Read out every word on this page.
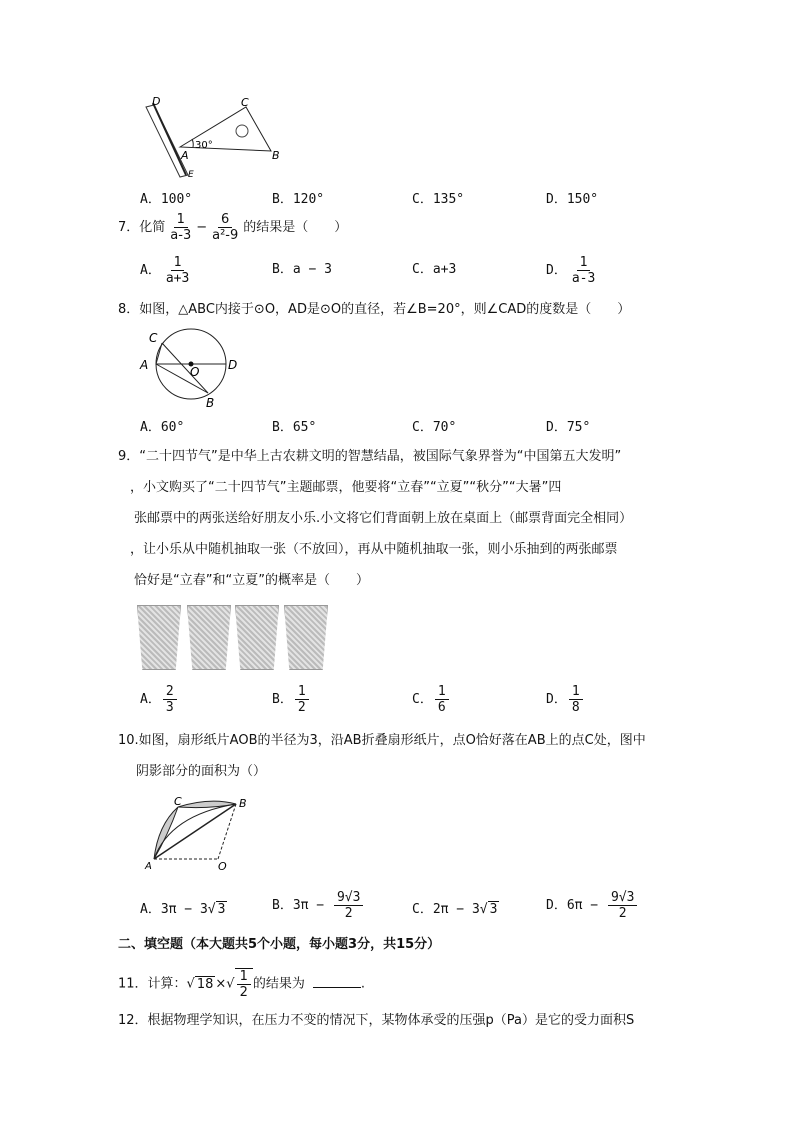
D	C
A	B
E
30°
A．100°	B．120°	C．135°	D．150°
7．化简 $\frac{1}{a-3} - \frac{6}{\text{a²-9}}$ 的结果是（　　）
A． $\frac{1}{a+3}$	B．a − 3	C．a+3	D． $\frac{1}{a-3}$
8．如图，△ABC内接于⊙O，AD是⊙O的直径，若∠B=20°，则∠CAD的度数是（　　）
C
A	O D
B
A．60°	B．65°	C．70°	D．75°
9．“二十四节气”是中华上古农耕文明的智慧结晶，被国际气象界誉为“中国第五大发明”
，小文购买了“二十四节气”主题邮票，他要将“立春”“立夏”“秋分”“大暑”四
张邮票中的两张送给好朋友小乐.小文将它们背面朝上放在桌面上（邮票背面完全相同）
，让小乐从中随机抽取一张（不放回），再从中随机抽取一张，则小乐抽到的两张邮票
恰好是“立春”和“立夏”的概率是（　　）
A． $\frac{2}{3}$	B． $\frac{1}{2}$	C． $\frac{1}{6}$	D． $\frac{1}{8}$
10.如图，扇形纸片AOB的半径为3，沿AB折叠扇形纸片，点O恰好落在AB上的点C处，图中
阴影部分的面积为（）
C	B
A	O
A．3π − 3√ 3	B．$3\pi - \frac{9√3}{2}$	C．2π − 3√ 3	D．$6\pi - \frac{9√3}{2}$
二、填空题（本大题共5个小题，每小题3分，共15分）
11．计算：√ 18 ×√ $\frac{1}{2}$ 的结果为	.
12．根据物理学知识，在压力不变的情况下，某物体承受的压强p（Pa）是它的受力面积S
